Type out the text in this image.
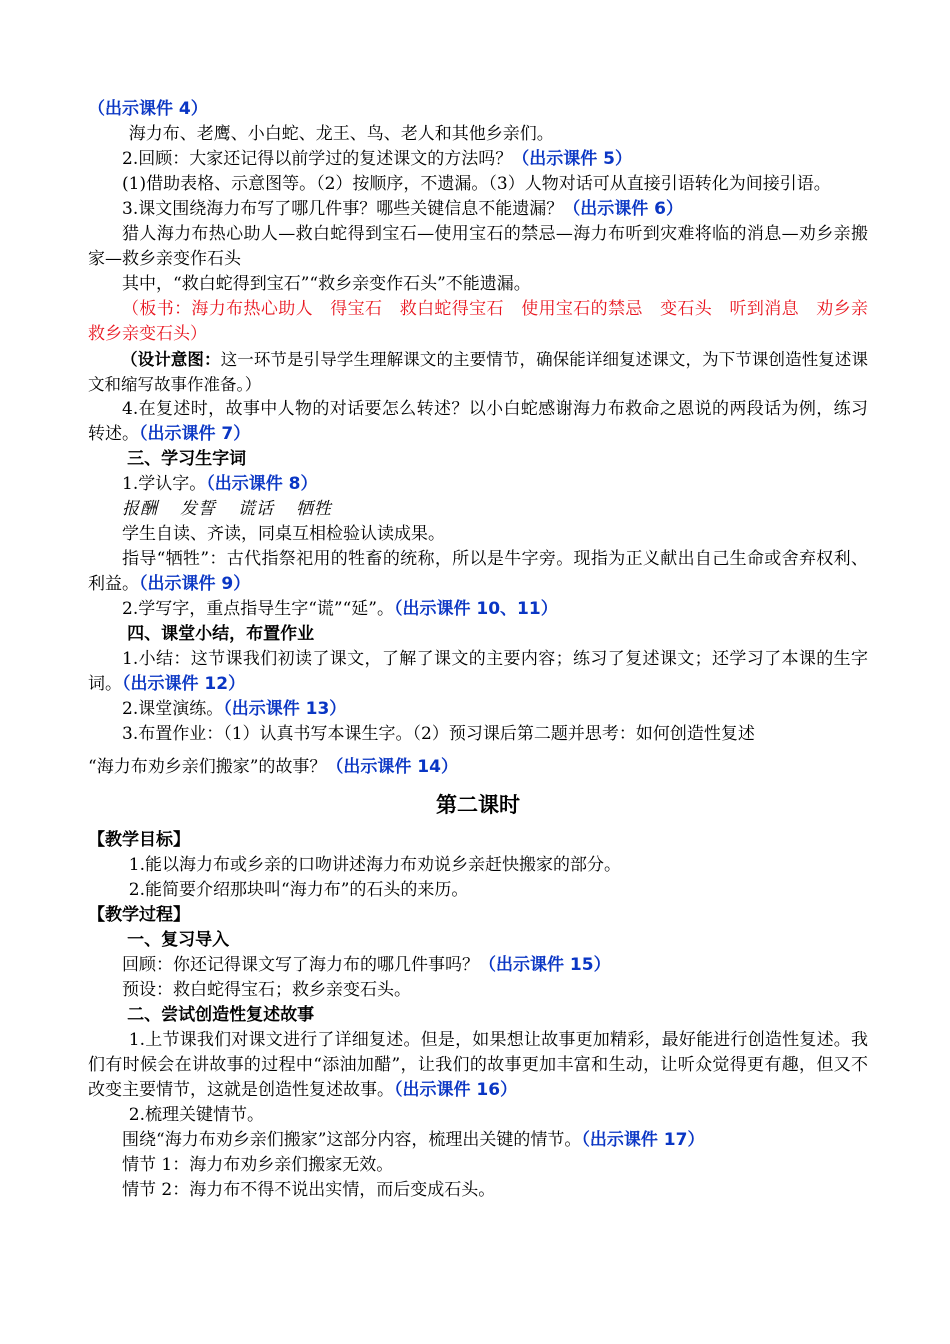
（出示课件 4）

海力布、老鹰、小白蛇、龙王、鸟、老人和其他乡亲们。

2.回顾：大家还记得以前学过的复述课文的方法吗？（出示课件 5）

(1)借助表格、示意图等。（2）按顺序，不遗漏。（3）人物对话可从直接引语转化为间接引语。

3.课文围绕海力布写了哪几件事？哪些关键信息不能遗漏？（出示课件 6）

猎人海力布热心助人—救白蛇得到宝石—使用宝石的禁忌—海力布听到灾难将临的消息—劝乡亲搬家—救乡亲变作石头

其中，“救白蛇得到宝石”“救乡亲变作石头”不能遗漏。

（板书：海力布热心助人　得宝石　救白蛇得宝石　使用宝石的禁忌　变石头　听到消息　劝乡亲　救乡亲变石头）

（设计意图：这一环节是引导学生理解课文的主要情节，确保能详细复述课文，为下节课创造性复述课文和缩写故事作准备。）

4.在复述时，故事中人物的对话要怎么转述？以小白蛇感谢海力布救命之恩说的两段话为例，练习转述。（出示课件 7）

三、学习生字词

1.学认字。（出示课件 8）

报酬 发誓 谎话 牺牲

学生自读、齐读，同桌互相检验认读成果。

指导“牺牲”：古代指祭祀用的牲畜的统称，所以是牛字旁。现指为正义献出自己生命或舍弃权利、利益。（出示课件 9）

2.学写字，重点指导生字“谎”“延”。（出示课件 10、11）

四、课堂小结，布置作业

1.小结：这节课我们初读了课文，了解了课文的主要内容；练习了复述课文；还学习了本课的生字词。（出示课件 12）

2.课堂演练。（出示课件 13）

3.布置作业：（1）认真书写本课生字。（2）预习课后第二题并思考：如何创造性复述

“海力布劝乡亲们搬家”的故事？（出示课件 14）

第二课时

【教学目标】

1.能以海力布或乡亲的口吻讲述海力布劝说乡亲赶快搬家的部分。

2.能简要介绍那块叫“海力布”的石头的来历。

【教学过程】

一、复习导入

回顾：你还记得课文写了海力布的哪几件事吗？（出示课件 15）

预设：救白蛇得宝石；救乡亲变石头。

二、尝试创造性复述故事

1.上节课我们对课文进行了详细复述。但是，如果想让故事更加精彩，最好能进行创造性复述。我们有时候会在讲故事的过程中“添油加醋”，让我们的故事更加丰富和生动，让听众觉得更有趣，但又不改变主要情节，这就是创造性复述故事。（出示课件 16）

2.梳理关键情节。

围绕“海力布劝乡亲们搬家”这部分内容，梳理出关键的情节。（出示课件 17）

情节 1：海力布劝乡亲们搬家无效。

情节 2：海力布不得不说出实情，而后变成石头。
